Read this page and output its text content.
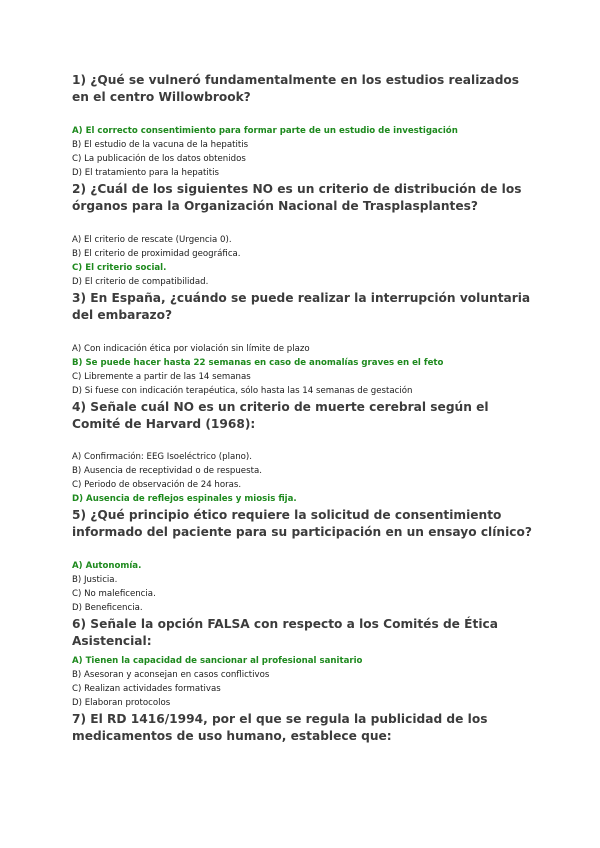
1) ¿Qué se vulneró fundamentalmente en los estudios realizados en el centro Willowbrook?
A) El correcto consentimiento para formar parte de un estudio de investigación
B) El estudio de la vacuna de la hepatitis
C) La publicación de los datos obtenidos
D) El tratamiento para la hepatitis
2) ¿Cuál de los siguientes NO es un criterio de distribución de los órganos para la Organización Nacional de Trasplasplantes?
A) El criterio de rescate (Urgencia 0).
B) El criterio de proximidad geográfica.
C) El criterio social.
D) El criterio de compatibilidad.
3) En España, ¿cuándo se puede realizar la interrupción voluntaria del embarazo?
A) Con indicación ética por violación sin límite de plazo
B) Se puede hacer hasta 22 semanas en caso de anomalías graves en el feto
C) Libremente a partir de las 14 semanas
D) Si fuese con indicación terapéutica, sólo hasta las 14 semanas de gestación
4) Señale cuál NO es un criterio de muerte cerebral según el Comité de Harvard (1968):
A) Confirmación: EEG Isoeléctrico (plano).
B) Ausencia de receptividad o de respuesta.
C) Periodo de observación de 24 horas.
D) Ausencia de reflejos espinales y miosis fija.
5) ¿Qué principio ético requiere la solicitud de consentimiento informado del paciente para su participación en un ensayo clínico?
A) Autonomía.
B) Justicia.
C) No maleficencia.
D) Beneficencia.
6) Señale la opción FALSA con respecto a los Comités de Ética Asistencial:
A) Tienen la capacidad de sancionar al profesional sanitario
B) Asesoran y aconsejan en casos conflictivos
C) Realizan actividades formativas
D) Elaboran protocolos
7) El RD 1416/1994, por el que se regula la publicidad de los medicamentos de uso humano, establece que:
